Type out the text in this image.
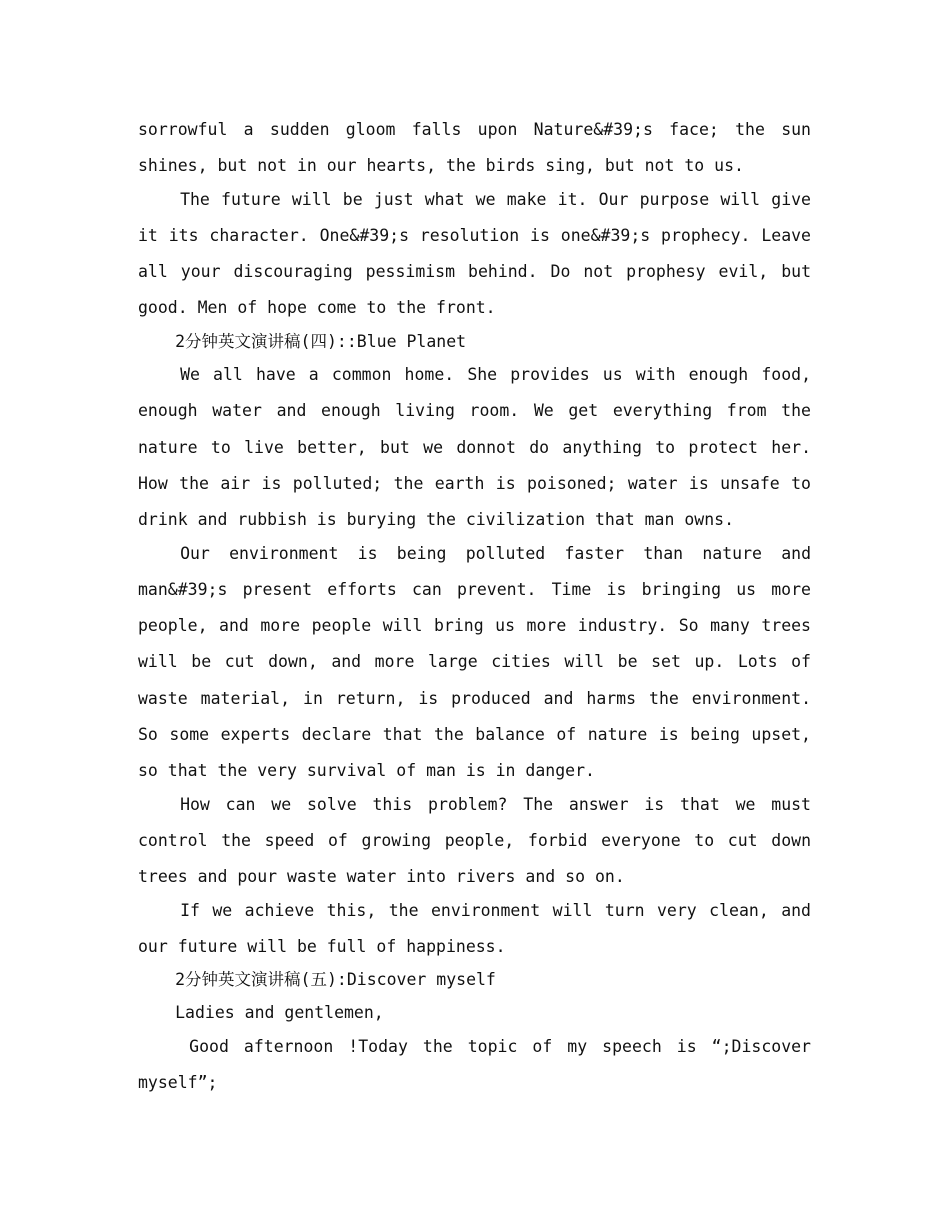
sorrowful a sudden gloom falls upon Nature&#39;s face; the sun shines, but not in our hearts, the birds sing, but not to us.

The future will be just what we make it. Our purpose will give it its character. One&#39;s resolution is one&#39;s prophecy. Leave all your discouraging pessimism behind. Do not prophesy evil, but good. Men of hope come to the front.

2分钟英文演讲稿(四)::Blue Planet

We all have a common home. She provides us with enough food, enough water and enough living room. We get everything from the nature to live better, but we donnot do anything to protect her. How the air is polluted; the earth is poisoned; water is unsafe to drink and rubbish is burying the civilization that man owns.

Our environment is being polluted faster than nature and man&#39;s present efforts can prevent. Time is bringing us more people, and more people will bring us more industry. So many trees will be cut down, and more large cities will be set up. Lots of waste material, in return, is produced and harms the environment. So some experts declare that the balance of nature is being upset, so that the very survival of man is in danger.

How can we solve this problem? The answer is that we must control the speed of growing people, forbid everyone to cut down trees and pour waste water into rivers and so on.

If we achieve this, the environment will turn very clean, and our future will be full of happiness.

2分钟英文演讲稿(五):Discover myself

Ladies and gentlemen,

Good afternoon !Today the topic of my speech is “;Discover myself”;
